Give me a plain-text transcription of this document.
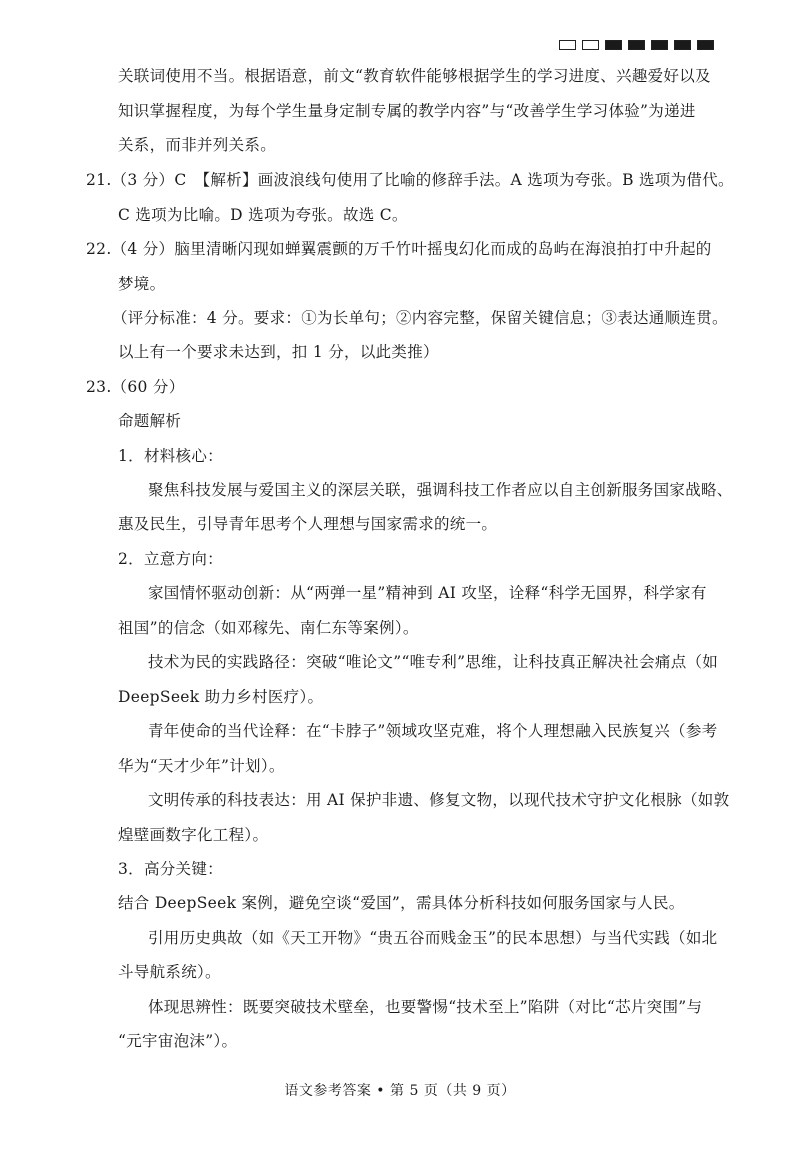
关联词使用不当。根据语意，前文“教育软件能够根据学生的学习进度、兴趣爱好以及
知识掌握程度，为每个学生量身定制专属的教学内容”与“改善学生学习体验”为递进
关系，而非并列关系。
21.（3 分）C　【解析】画波浪线句使用了比喻的修辞手法。A 选项为夸张。B 选项为借代。
C 选项为比喻。D 选项为夸张。故选 C。
22.（4 分）脑里清晰闪现如蝉翼震颤的万千竹叶摇曳幻化而成的岛屿在海浪拍打中升起的
梦境。
（评分标准：4 分。要求：①为长单句；②内容完整，保留关键信息；③表达通顺连贯。
以上有一个要求未达到，扣 1 分，以此类推）
23.（60 分）
命题解析
1．材料核心：
聚焦科技发展与爱国主义的深层关联，强调科技工作者应以自主创新服务国家战略、
惠及民生，引导青年思考个人理想与国家需求的统一。
2．立意方向：
家国情怀驱动创新：从“两弹一星”精神到 AI 攻坚，诠释“科学无国界，科学家有
祖国”的信念（如邓稼先、南仁东等案例）。
技术为民的实践路径：突破“唯论文”“唯专利”思维，让科技真正解决社会痛点（如
DeepSeek 助力乡村医疗）。
青年使命的当代诠释：在“卡脖子”领域攻坚克难，将个人理想融入民族复兴（参考
华为“天才少年”计划）。
文明传承的科技表达：用 AI 保护非遗、修复文物，以现代技术守护文化根脉（如敦
煌壁画数字化工程）。
3．高分关键：
结合 DeepSeek 案例，避免空谈“爱国”，需具体分析科技如何服务国家与人民。
引用历史典故（如《天工开物》“贵五谷而贱金玉”的民本思想）与当代实践（如北
斗导航系统）。
体现思辨性：既要突破技术壁垒，也要警惕“技术至上”陷阱（对比“芯片突围”与
“元宇宙泡沫”）。
语文参考答案 • 第 5 页（共 9 页）
